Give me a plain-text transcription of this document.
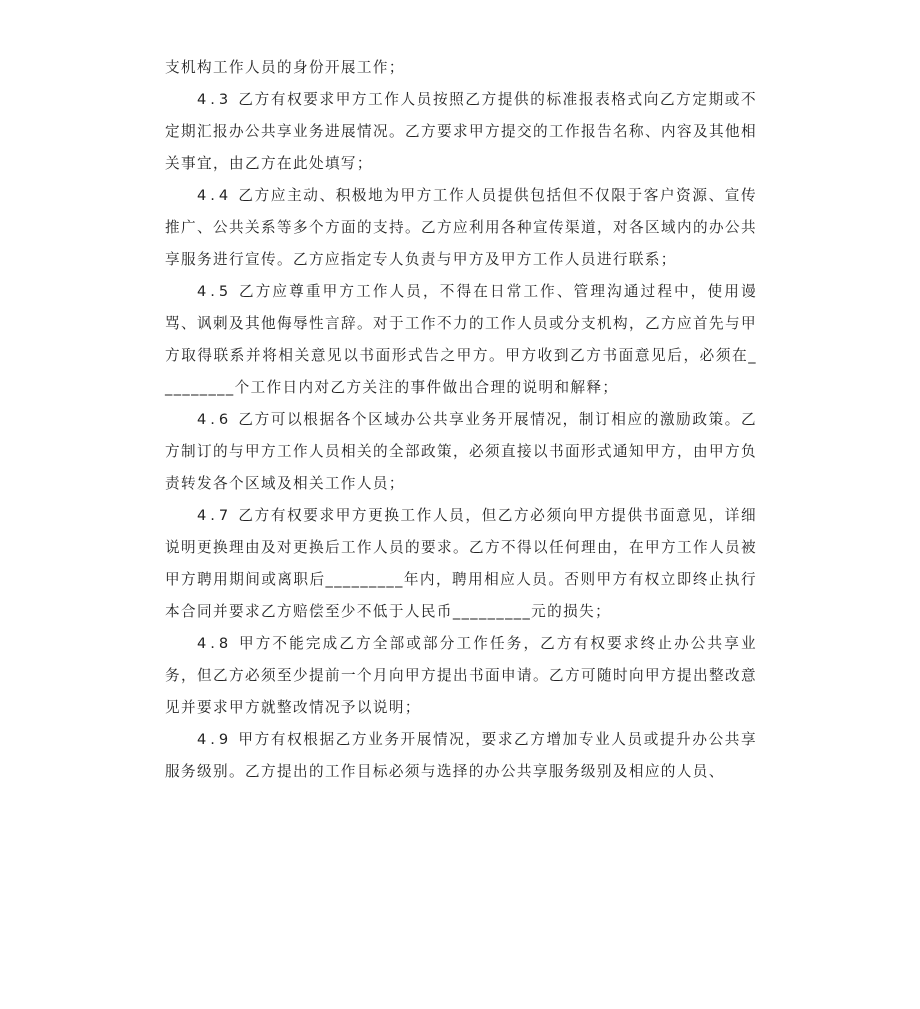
支机构工作人员的身份开展工作；

4.3 乙方有权要求甲方工作人员按照乙方提供的标准报表格式向乙方定期或不定期汇报办公共享业务进展情况。乙方要求甲方提交的工作报告名称、内容及其他相关事宜，由乙方在此处填写；

4.4 乙方应主动、积极地为甲方工作人员提供包括但不仅限于客户资源、宣传推广、公共关系等多个方面的支持。乙方应利用各种宣传渠道，对各区域内的办公共享服务进行宣传。乙方应指定专人负责与甲方及甲方工作人员进行联系；

4.5 乙方应尊重甲方工作人员，不得在日常工作、管理沟通过程中，使用谩骂、讽刺及其他侮辱性言辞。对于工作不力的工作人员或分支机构，乙方应首先与甲方取得联系并将相关意见以书面形式告之甲方。甲方收到乙方书面意见后，必须在_________个工作日内对乙方关注的事件做出合理的说明和解释；

4.6 乙方可以根据各个区域办公共享业务开展情况，制订相应的激励政策。乙方制订的与甲方工作人员相关的全部政策，必须直接以书面形式通知甲方，由甲方负责转发各个区域及相关工作人员；

4.7 乙方有权要求甲方更换工作人员，但乙方必须向甲方提供书面意见，详细说明更换理由及对更换后工作人员的要求。乙方不得以任何理由，在甲方工作人员被甲方聘用期间或离职后_________年内，聘用相应人员。否则甲方有权立即终止执行本合同并要求乙方赔偿至少不低于人民币_________元的损失；

4.8 甲方不能完成乙方全部或部分工作任务，乙方有权要求终止办公共享业务，但乙方必须至少提前一个月向甲方提出书面申请。乙方可随时向甲方提出整改意见并要求甲方就整改情况予以说明；

4.9 甲方有权根据乙方业务开展情况，要求乙方增加专业人员或提升办公共享服务级别。乙方提出的工作目标必须与选择的办公共享服务级别及相应的人员、
